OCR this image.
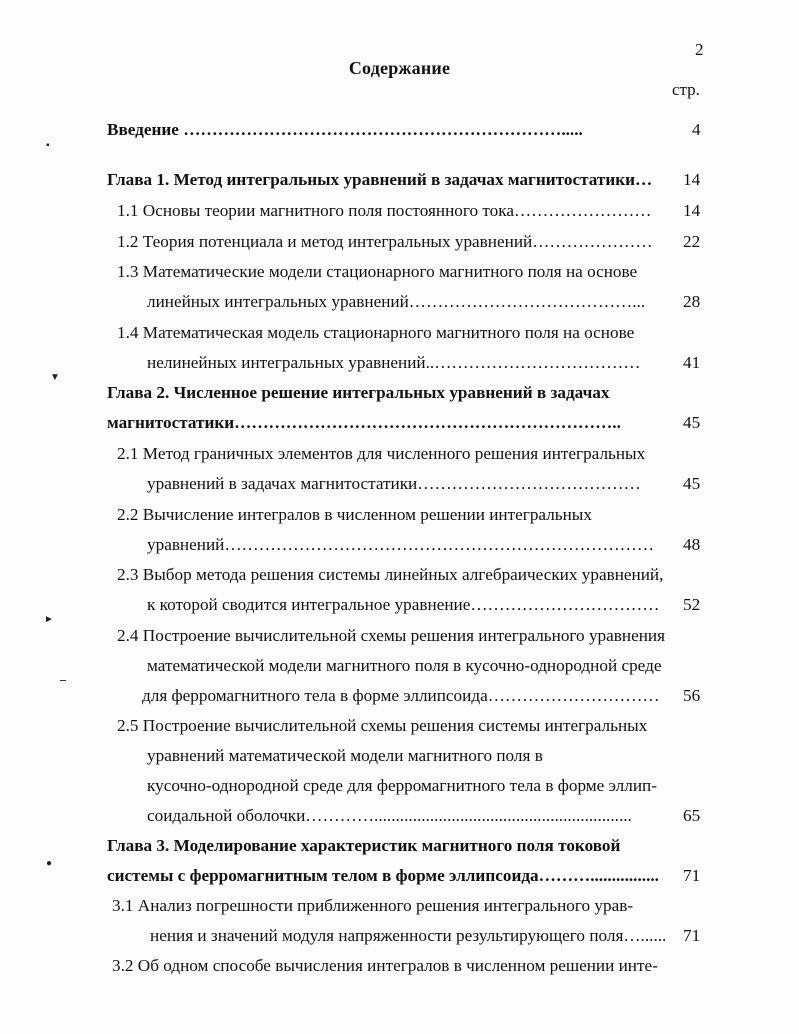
2
Содержание
стр.
Введение ………………………………………………………….....	4
Глава 1. Метод интегральных уравнений в задачах магнитостатики… 14
1.1 Основы теории магнитного поля постоянного тока…………………… 14
1.2 Теория потенциала и метод интегральных уравнений………………… 22
1.3 Математические модели стационарного магнитного поля на основе
линейных интегральных уравнений…………………………………... 28
1.4 Математическая модель стационарного магнитного поля на основе
нелинейных интегральных уравнений..……………………………… 41
Глава 2. Численное решение интегральных уравнений в задачах
магнитостатики…………………………………………………………..	45
2.1 Метод граничных элементов для численного решения интегральных
уравнений в задачах магнитостатики………………………………… 45
2.2 Вычисление интегралов в численном решении интегральных
уравнений………………………………………………………………… 48
2.3 Выбор метода решения системы линейных алгебраических уравнений,
к которой сводится интегральное уравнение…………………………… 52
2.4 Построение вычислительной схемы решения интегрального уравнения
математической модели магнитного поля в кусочно-однородной среде
для ферромагнитного тела в форме эллипсоида………………………… 56
2.5 Построение вычислительной схемы решения системы интегральных
уравнений математической модели магнитного поля в
кусочно-однородной среде для ферромагнитного тела в форме эллип-
соидальной оболочки…………............................................................	65
Глава 3. Моделирование характеристик магнитного поля токовой
системы с ферромагнитным телом в форме эллипсоида………................ 71
3.1 Анализ погрешности приближенного решения интегрального урав-
нения и значений модуля напряженности результирующего поля…...... 71
3.2 Об одном способе вычисления интегралов в численном решении инте-
▪
▼
►
●
